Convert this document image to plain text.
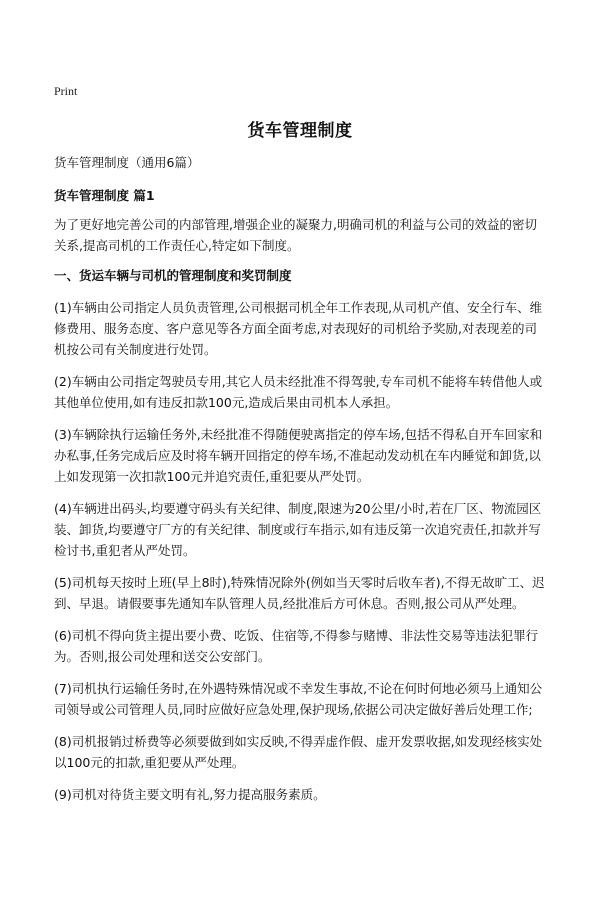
Print
货车管理制度

货车管理制度（通用6篇）

货车管理制度 篇1

为了更好地完善公司的内部管理,增强企业的凝聚力,明确司机的利益与公司的效益的密切关系,提高司机的工作责任心,特定如下制度。

一、货运车辆与司机的管理制度和奖罚制度

(1)车辆由公司指定人员负责管理,公司根据司机全年工作表现,从司机产值、安全行车、维修费用、服务态度、客户意见等各方面全面考虑,对表现好的司机给予奖励,对表现差的司机按公司有关制度进行处罚。

(2)车辆由公司指定驾驶员专用,其它人员未经批准不得驾驶,专车司机不能将车转借他人或其他单位使用,如有违反扣款100元,造成后果由司机本人承担。

(3)车辆除执行运输任务外,未经批准不得随便驶离指定的停车场,包括不得私自开车回家和办私事,任务完成后应及时将车辆开回指定的停车场,不准起动发动机在车内睡觉和卸货,以上如发现第一次扣款100元并追究责任,重犯要从严处罚。

(4)车辆进出码头,均要遵守码头有关纪律、制度,限速为20公里/小时,若在厂区、物流园区装、卸货,均要遵守厂方的有关纪律、制度或行车指示,如有违反第一次追究责任,扣款并写检讨书,重犯者从严处罚。

(5)司机每天按时上班(早上8时),特殊情况除外(例如当天零时后收车者),不得无故旷工、迟到、早退。请假要事先通知车队管理人员,经批准后方可休息。否则,报公司从严处理。

(6)司机不得向货主提出要小费、吃饭、住宿等,不得参与赌博、非法性交易等违法犯罪行为。否则,报公司处理和送交公安部门。

(7)司机执行运输任务时,在外遇特殊情况或不幸发生事故,不论在何时何地必须马上通知公司领导或公司管理人员,同时应做好应急处理,保护现场,依据公司决定做好善后处理工作;

(8)司机报销过桥费等必须要做到如实反映,不得弄虚作假、虚开发票收据,如发现经核实处以100元的扣款,重犯要从严处理。

(9)司机对待货主要文明有礼,努力提高服务素质。
